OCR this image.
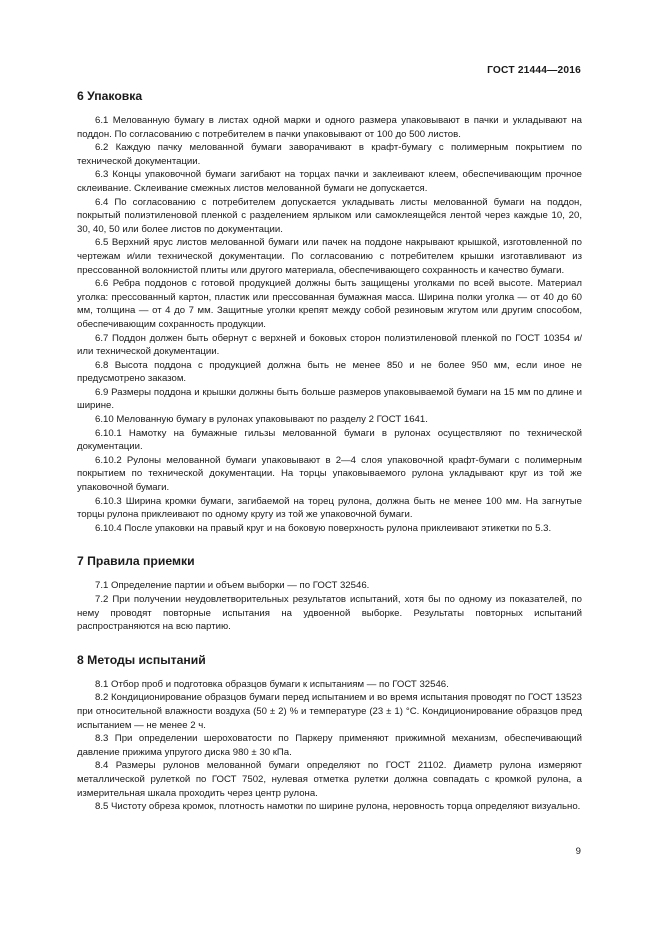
ГОСТ 21444—2016
6 Упаковка

6.1 Мелованную бумагу в листах одной марки и одного размера упаковывают в пачки и укладывают на поддон. По согласованию с потребителем в пачки упаковывают от 100 до 500 листов.

6.2 Каждую пачку мелованной бумаги заворачивают в крафт-бумагу с полимерным покрытием по технической документации.

6.3 Концы упаковочной бумаги загибают на торцах пачки и заклеивают клеем, обеспечивающим прочное склеивание. Склеивание смежных листов мелованной бумаги не допускается.

6.4 По согласованию с потребителем допускается укладывать листы мелованной бумаги на поддон, покрытый полиэтиленовой пленкой с разделением ярлыком или самоклеящейся лентой через каждые 10, 20, 30, 40, 50 или более листов по документации.

6.5 Верхний ярус листов мелованной бумаги или пачек на поддоне накрывают крышкой, изготовленной по чертежам и/или технической документации. По согласованию с потребителем крышки изготавливают из прессованной волокнистой плиты или другого материала, обеспечивающего сохранность и качество бумаги.

6.6 Ребра поддонов с готовой продукцией должны быть защищены уголками по всей высоте. Материал уголка: прессованный картон, пластик или прессованная бумажная масса. Ширина полки уголка — от 40 до 60 мм, толщина — от 4 до 7 мм. Защитные уголки крепят между собой резиновым жгутом или другим способом, обеспечивающим сохранность продукции.

6.7 Поддон должен быть обернут с верхней и боковых сторон полиэтиленовой пленкой по ГОСТ 10354 и/или технической документации.

6.8 Высота поддона с продукцией должна быть не менее 850 и не более 950 мм, если иное не предусмотрено заказом.

6.9 Размеры поддона и крышки должны быть больше размеров упаковываемой бумаги на 15 мм по длине и ширине.

6.10 Мелованную бумагу в рулонах упаковывают по разделу 2 ГОСТ 1641.

6.10.1 Намотку на бумажные гильзы мелованной бумаги в рулонах осуществляют по технической документации.

6.10.2 Рулоны мелованной бумаги упаковывают в 2—4 слоя упаковочной крафт-бумаги с полимерным покрытием по технической документации. На торцы упаковываемого рулона укладывают круг из той же упаковочной бумаги.

6.10.3 Ширина кромки бумаги, загибаемой на торец рулона, должна быть не менее 100 мм. На загнутые торцы рулона приклеивают по одному кругу из той же упаковочной бумаги.

6.10.4 После упаковки на правый круг и на боковую поверхность рулона приклеивают этикетки по 5.3.

7 Правила приемки

7.1 Определение партии и объем выборки — по ГОСТ 32546.

7.2 При получении неудовлетворительных результатов испытаний, хотя бы по одному из показателей, по нему проводят повторные испытания на удвоенной выборке. Результаты повторных испытаний распространяются на всю партию.

8 Методы испытаний

8.1 Отбор проб и подготовка образцов бумаги к испытаниям — по ГОСТ 32546.

8.2 Кондиционирование образцов бумаги перед испытанием и во время испытания проводят по ГОСТ 13523 при относительной влажности воздуха (50 ± 2) % и температуре (23 ± 1) °С. Кондиционирование образцов пред испытанием — не менее 2 ч.

8.3 При определении шероховатости по Паркеру применяют прижимной механизм, обеспечивающий давление прижима упругого диска 980 ± 30 кПа.

8.4 Размеры рулонов мелованной бумаги определяют по ГОСТ 21102. Диаметр рулона измеряют металлической рулеткой по ГОСТ 7502, нулевая отметка рулетки должна совпадать с кромкой рулона, а измерительная шкала проходить через центр рулона.

8.5 Чистоту обреза кромок, плотность намотки по ширине рулона, неровность торца определяют визуально.

9
